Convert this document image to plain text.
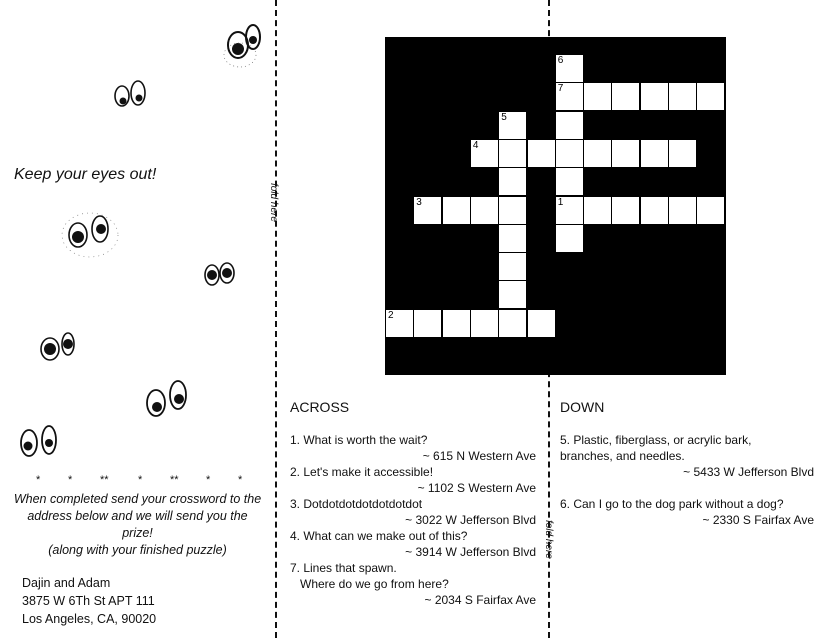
fold here
fold here
Keep your eyes out!
*	*	**	*	** *	*
When completed send your crossword to the
address below and we will send you the
prize!
(along with your finished puzzle)
Dajin and Adam
3875 W 6Th St APT 111
Los Angeles, CA, 90020
6
7
5
4
3	1
2
ACROSS	DOWN
1. What is worth the wait?
~ 615 N Western Ave
2. Let's make it accessible!
~ 1102 S Western Ave
3. Dotdotdotdotdotdotdot
~ 3022 W Jefferson Blvd
4. What can we make out of this?
~ 3914 W Jefferson Blvd
7. Lines that spawn.
Where do we go from here?
~ 2034 S Fairfax Ave
5. Plastic, fiberglass, or acrylic bark,
branches, and needles.
~ 5433 W Jefferson Blvd
6. Can I go to the dog park without a dog?
~ 2330 S Fairfax Ave
